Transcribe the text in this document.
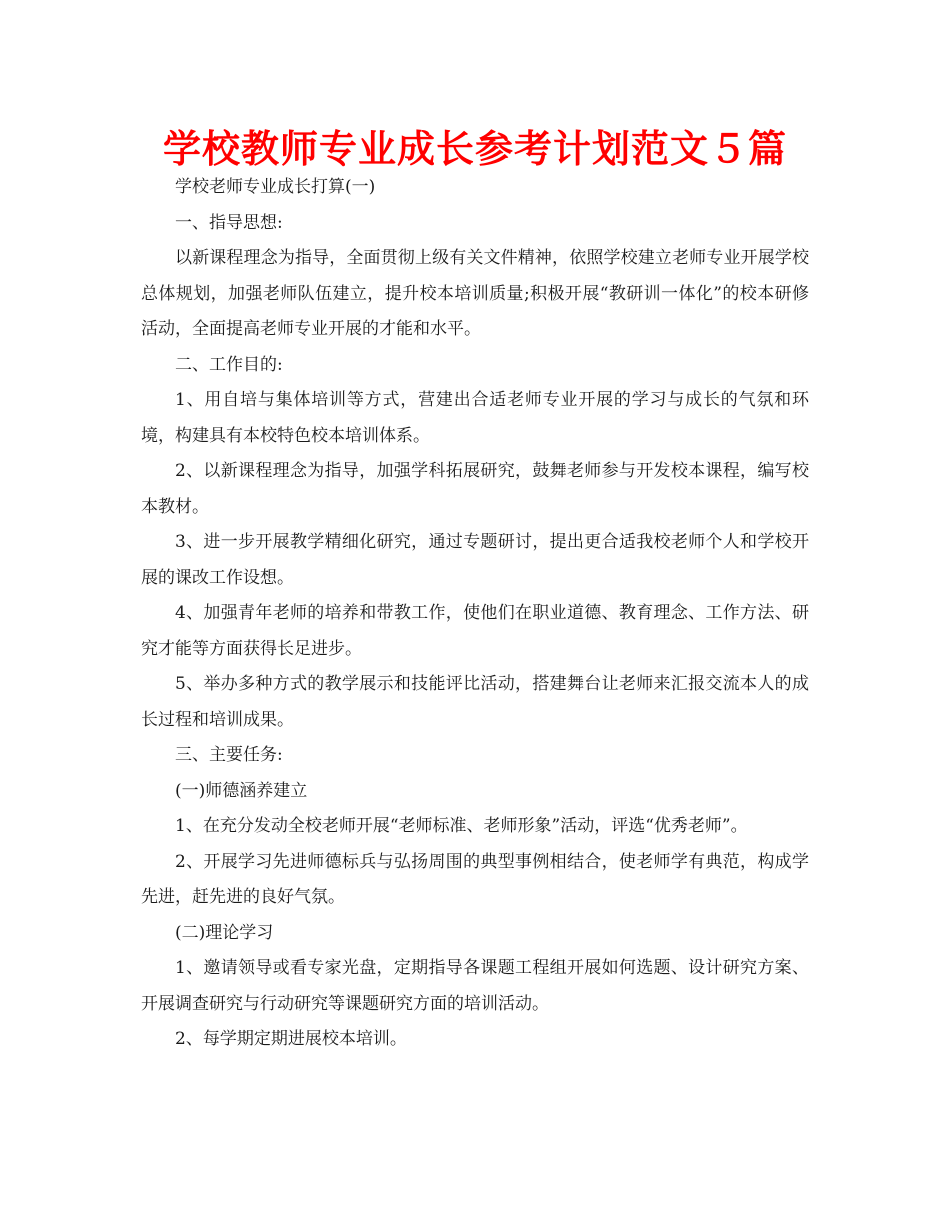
学校教师专业成长参考计划范文５篇

学校老师专业成长打算(一)

一、指导思想:

以新课程理念为指导，全面贯彻上级有关文件精神，依照学校建立老师专业开展学校总体规划，加强老师队伍建立，提升校本培训质量;积极开展“教研训一体化”的校本研修活动，全面提高老师专业开展的才能和水平。

二、工作目的:

1、用自培与集体培训等方式，营建出合适老师专业开展的学习与成长的气氛和环境，构建具有本校特色校本培训体系。

2、以新课程理念为指导，加强学科拓展研究，鼓舞老师参与开发校本课程，编写校本教材。

3、进一步开展教学精细化研究，通过专题研讨，提出更合适我校老师个人和学校开展的课改工作设想。

4、加强青年老师的培养和带教工作，使他们在职业道德、教育理念、工作方法、研究才能等方面获得长足进步。

5、举办多种方式的教学展示和技能评比活动，搭建舞台让老师来汇报交流本人的成长过程和培训成果。

三、主要任务:

(一)师德涵养建立

1、在充分发动全校老师开展“老师标准、老师形象”活动，评选“优秀老师”。

2、开展学习先进师德标兵与弘扬周围的典型事例相结合，使老师学有典范，构成学先进，赶先进的良好气氛。

(二)理论学习

1、邀请领导或看专家光盘，定期指导各课题工程组开展如何选题、设计研究方案、开展调查研究与行动研究等课题研究方面的培训活动。

2、每学期定期进展校本培训。
